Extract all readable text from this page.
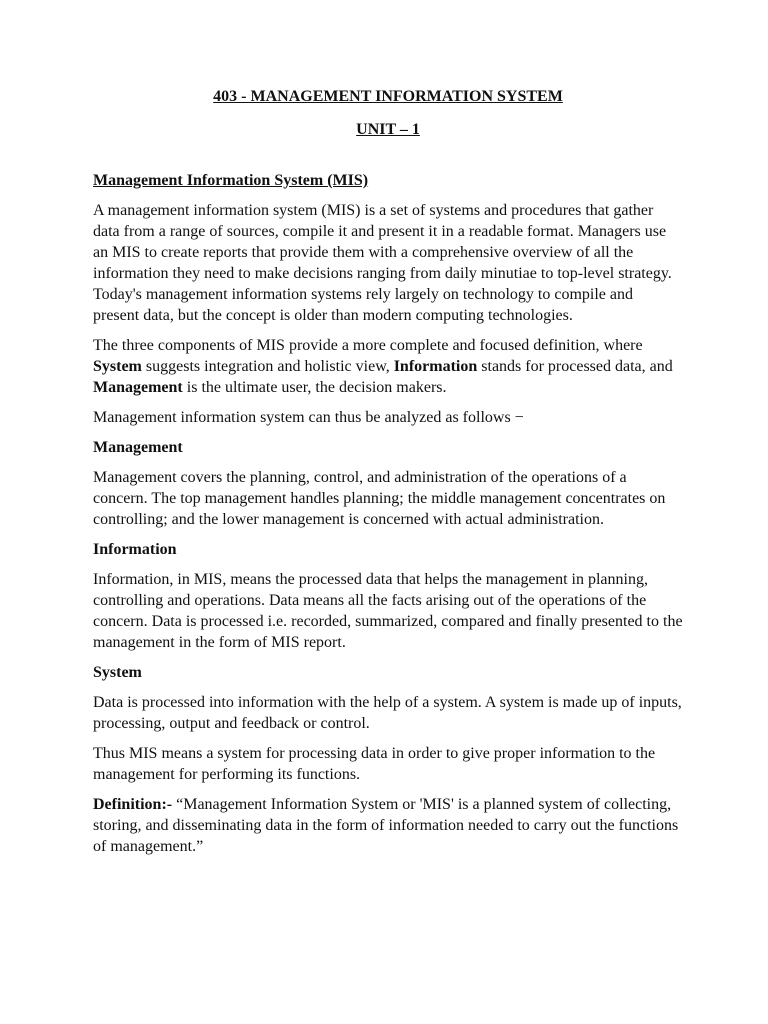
403 - MANAGEMENT INFORMATION SYSTEM
UNIT – 1
Management Information System (MIS)

A management information system (MIS) is a set of systems and procedures that gather data from a range of sources, compile it and present it in a readable format. Managers use an MIS to create reports that provide them with a comprehensive overview of all the information they need to make decisions ranging from daily minutiae to top-level strategy. Today's management information systems rely largely on technology to compile and present data, but the concept is older than modern computing technologies.

The three components of MIS provide a more complete and focused definition, where System suggests integration and holistic view, Information stands for processed data, and Management is the ultimate user, the decision makers.

Management information system can thus be analyzed as follows −

Management

Management covers the planning, control, and administration of the operations of a concern. The top management handles planning; the middle management concentrates on controlling; and the lower management is concerned with actual administration.

Information

Information, in MIS, means the processed data that helps the management in planning, controlling and operations. Data means all the facts arising out of the operations of the concern. Data is processed i.e. recorded, summarized, compared and finally presented to the management in the form of MIS report.

System

Data is processed into information with the help of a system. A system is made up of inputs, processing, output and feedback or control.

Thus MIS means a system for processing data in order to give proper information to the management for performing its functions.

Definition:- “Management Information System or 'MIS' is a planned system of collecting, storing, and disseminating data in the form of information needed to carry out the functions of management.”
